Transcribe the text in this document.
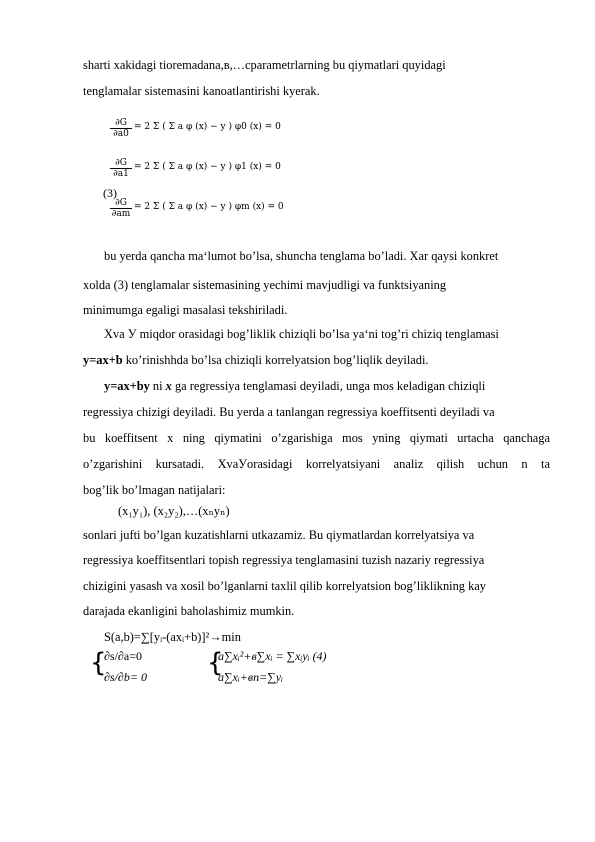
sharti xakidagi tioremadana,в,…cparametrlarning bu qiymatlari quyidagi
tenglamalar sistemasini kanoatlantirishi kyerak.
$\frac{\partial G}{\partial a0} = 2$ Σ ( Σ a φ (x) − y ) φ0 (x) = 0
$\frac{\partial G}{\partial a1} = 2$ Σ ( Σ a φ (x) − y ) φ1 (x) = 0
(3)
$\frac{\partial G}{\partial am} = 2$ Σ ( Σ a φ (x) − y ) φm (x) = 0
bu yerda qancha ma‘lumot bo’lsa, shuncha tenglama bo’ladi. Xar qaysi konkret
xolda (3) tenglamalar sistemasining yechimi mavjudligi va funktsiyaning
minimumga egaligi masalasi tekshiriladi.
Xva У miqdor orasidagi bog’liklik chiziqli bo’lsa ya‘ni tog’ri chiziq tenglamasi
y=ax+b ko’rinishhda bo’lsa chiziqli korrelyatsion bog’liqlik deyiladi.
y=ax+by ni x ga regressiya tenglamasi deyiladi, unga mos keladigan chiziqli
regressiya chizigi deyiladi. Bu yerda a tanlangan regressiya koeffitsenti deyiladi va
bu koeffitsent x ning qiymatini o’zgarishiga mos yning qiymati urtacha qanchaga
o’zgarishini kursatadi. XvaУorasidagi korrelyatsiyani analiz qilish uchun n ta
bog’lik bo’lmagan natijalari:
(x₁y₁), (x₂y₂),…(xₙyₙ)
sonlari jufti bo’lgan kuzatishlarni utkazamiz. Bu qiymatlardan korrelyatsiya va
regressiya koeffitsentlari topish regressiya tenglamasini tuzish nazariy regressiya
chizigini yasash va xosil bo’lganlarni taxlil qilib korrelyatsion bog’liklikning kay
darajada ekanligini baholashimiz mumkin.
S(a,b)=∑[yᵢ-(axᵢ+b)]²→min
{
∂s/∂a=0
∂s/∂b= 0 {
a∑xᵢ²+в∑xᵢ = ∑xᵢyᵢ (4)
a∑xᵢ+вn=∑yᵢ
